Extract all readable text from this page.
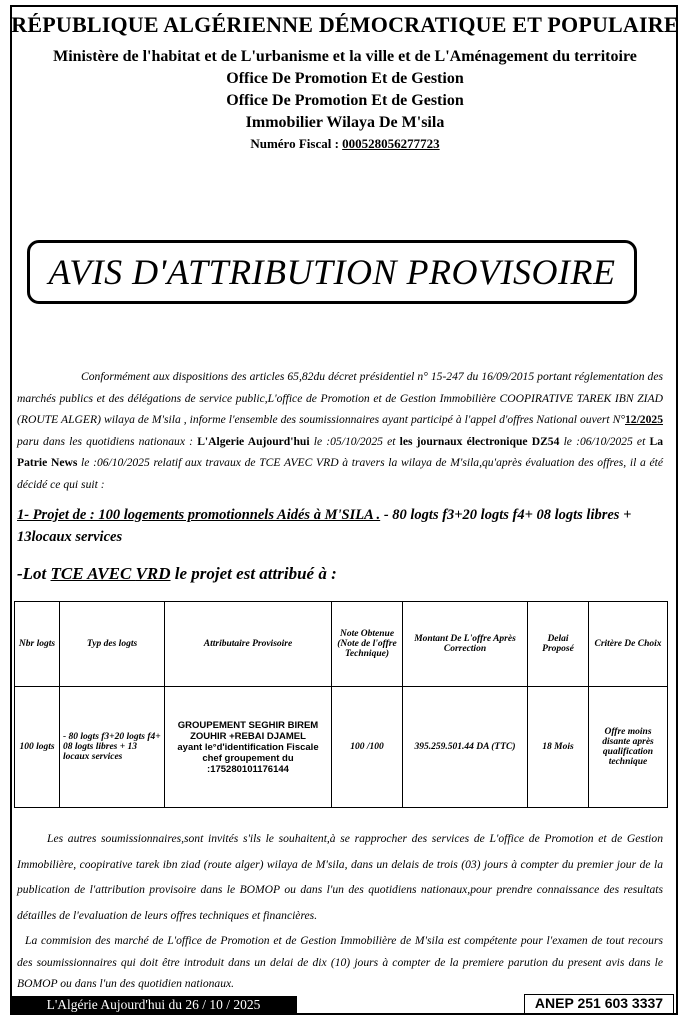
RÉPUBLIQUE ALGÉRIENNE DÉMOCRATIQUE ET POPULAIRE
Ministère de l'habitat et de L'urbanisme et la ville et de L'Aménagement du territoire
Office De Promotion Et de Gestion
Office De Promotion Et de Gestion
Immobilier Wilaya De M'sila
Numéro Fiscal : 000528056277723
AVIS D'ATTRIBUTION PROVISOIRE
Conformément aux dispositions des articles 65,82du décret présidentiel n° 15-247 du 16/09/2015 portant réglementation des marchés publics et des délégations de service public,L'office de Promotion et de Gestion Immobilière COOPIRATIVE TAREK IBN ZIAD (ROUTE ALGER) wilaya de M'sila , informe l'ensemble des soumissionnaires ayant participé à l'appel d'offres National ouvert N°12/2025 paru dans les quotidiens nationaux : L'Algerie Aujourd'hui le :05/10/2025 et les journaux électronique DZ54 le :06/10/2025 et La Patrie News le :06/10/2025 relatif aux travaux de TCE AVEC VRD à travers la wilaya de M'sila,qu'après évaluation des offres, il a été décidé ce qui suit :
1- Projet de : 100 logements promotionnels Aidés à M'SILA . - 80 logts f3+20 logts f4+ 08 logts libres + 13locaux services
-Lot TCE AVEC VRD le projet est attribué à :
Nbr logts	Typ des logts	Attributaire Provisoire	Note Obtenue (Note de l'offre Technique)	Montant De L'offre Après Correction	Delai Proposé	Critère De Choix
100 logts	- 80 logts f3+20 logts f4+ 08 logts libres + 13 locaux services	GROUPEMENT SEGHIR BIREM ZOUHIR +REBAI DJAMEL
ayant le°d'identification Fiscale chef groupement du :175280101176144	100 /100	395.259.501.44 DA (TTC)	18 Mois	Offre moins disante après qualification technique
Les autres soumissionnaires,sont invités s'ils le souhaitent,à se rapprocher des services de L'office de Promotion et de Gestion Immobilière, coopirative tarek ibn ziad (route alger) wilaya de M'sila, dans un delais de trois (03) jours à compter du premier jour de la publication de l'attribution provisoire dans le BOMOP ou dans l'un des quotidiens nationaux,pour prendre connaissance des resultats détailles de l'evaluation de leurs offres techniques et financières.
La commision des marché de L'office de Promotion et de Gestion Immobilière de M'sila est compétente pour l'examen de tout recours des soumissionnaires qui doit être introduit dans un delai de dix (10) jours à compter de la premiere parution du present avis dans le BOMOP ou dans l'un des quotidien nationaux.
L'Algérie Aujourd'hui du 26 / 10 / 2025	ANEP 251 603 3337
